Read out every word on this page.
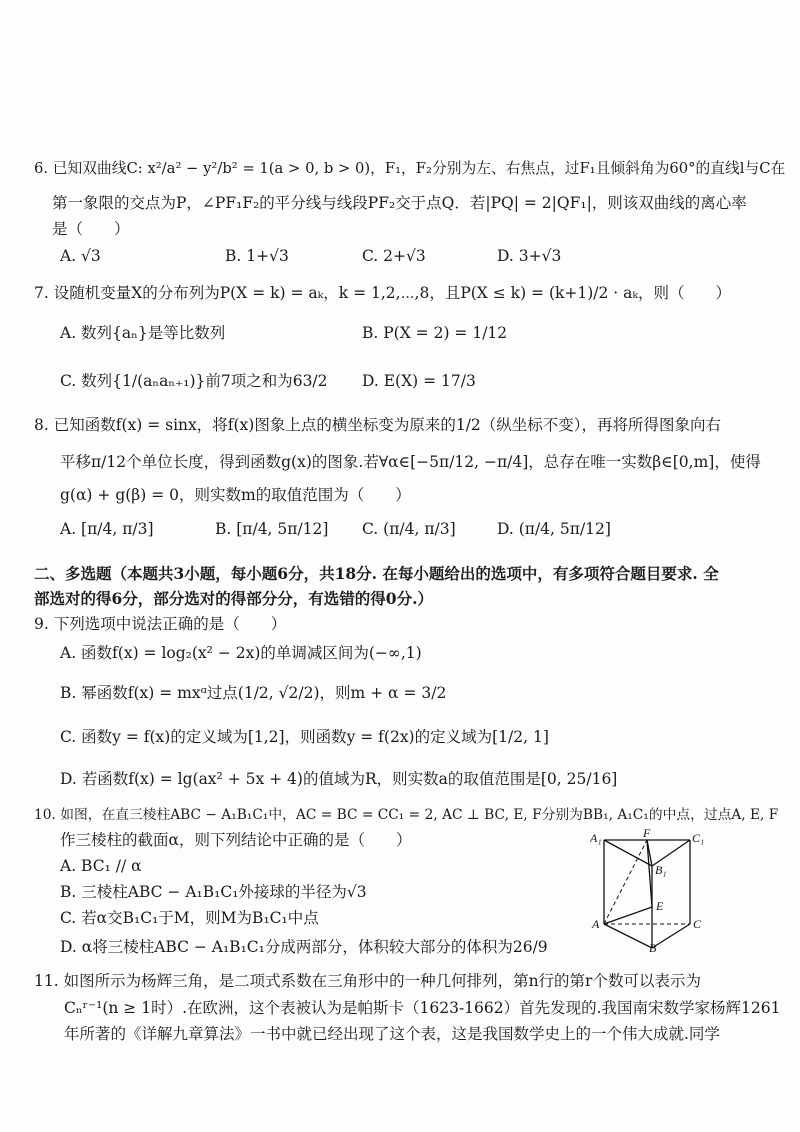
6. 已知双曲线C: x²/a² − y²/b² = 1(a > 0, b > 0)，F₁，F₂分别为左、右焦点，过F₁且倾斜角为60°的直线l与C在
第一象限的交点为P，∠PF₁F₂的平分线与线段PF₂交于点Q．若|PQ| = 2|QF₁|，则该双曲线的离心率
是（　　）
A. √3	B. 1+√3	C. 2+√3	D. 3+√3
7. 设随机变量X的分布列为P(X = k) = aₖ，k = 1,2,⋯,8，且P(X ≤ k) = (k+1)/2 · aₖ，则（　　）
A. 数列{aₙ}是等比数列	B. P(X = 2) = 1/12
C. 数列{1/(aₙaₙ₊₁)}前7项之和为63/2 D. E(X) = 17/3
8. 已知函数f(x) = sinx，将f(x)图象上点的横坐标变为原来的1/2（纵坐标不变），再将所得图象向右
平移π/12个单位长度，得到函数g(x)的图象.若∀α∈[−5π/12, −π/4]，总存在唯一实数β∈[0,m]，使得
g(α) + g(β) = 0，则实数m的取值范围为（　　）
A. [π/4, π/3]	B. [π/4, 5π/12] C. (π/4, π/3]	D. (π/4, 5π/12]
二、多选题（本题共3小题，每小题6分，共18分. 在每小题给出的选项中，有多项符合题目要求. 全
部选对的得6分，部分选对的得部分分，有选错的得0分.）
9. 下列选项中说法正确的是（　　）
A. 函数f(x) = log₂(x² − 2x)的单调减区间为(−∞,1)
B. 幂函数f(x) = mxᵅ过点(1/2, √2/2)，则m + α = 3/2
C. 函数y = f(x)的定义域为[1,2]，则函数y = f(2x)的定义域为[1/2, 1]
D. 若函数f(x) = lg(ax² + 5x + 4)的值域为R，则实数a的取值范围是[0, 25/16]
10. 如图，在直三棱柱ABC − A₁B₁C₁中，AC = BC = CC₁ = 2, AC ⊥ BC, E, F分别为BB₁, A₁C₁的中点，过点A, E, F
作三棱柱的截面α，则下列结论中正确的是（　　）
A. BC₁ // α
B. 三棱柱ABC − A₁B₁C₁外接球的半径为√3
C. 若α交B₁C₁于M，则M为B₁C₁中点
D. α将三棱柱ABC − A₁B₁C₁分成两部分，体积较大部分的体积为26/9
A₁	F	C₁
B₁
E
A	C
B
11. 如图所示为杨辉三角，是二项式系数在三角形中的一种几何排列，第n行的第r个数可以表示为
Cₙʳ⁻¹(n ≥ 1时）.在欧洲，这个表被认为是帕斯卡（1623-1662）首先发现的.我国南宋数学家杨辉1261
年所著的《详解九章算法》一书中就已经出现了这个表，这是我国数学史上的一个伟大成就.同学
